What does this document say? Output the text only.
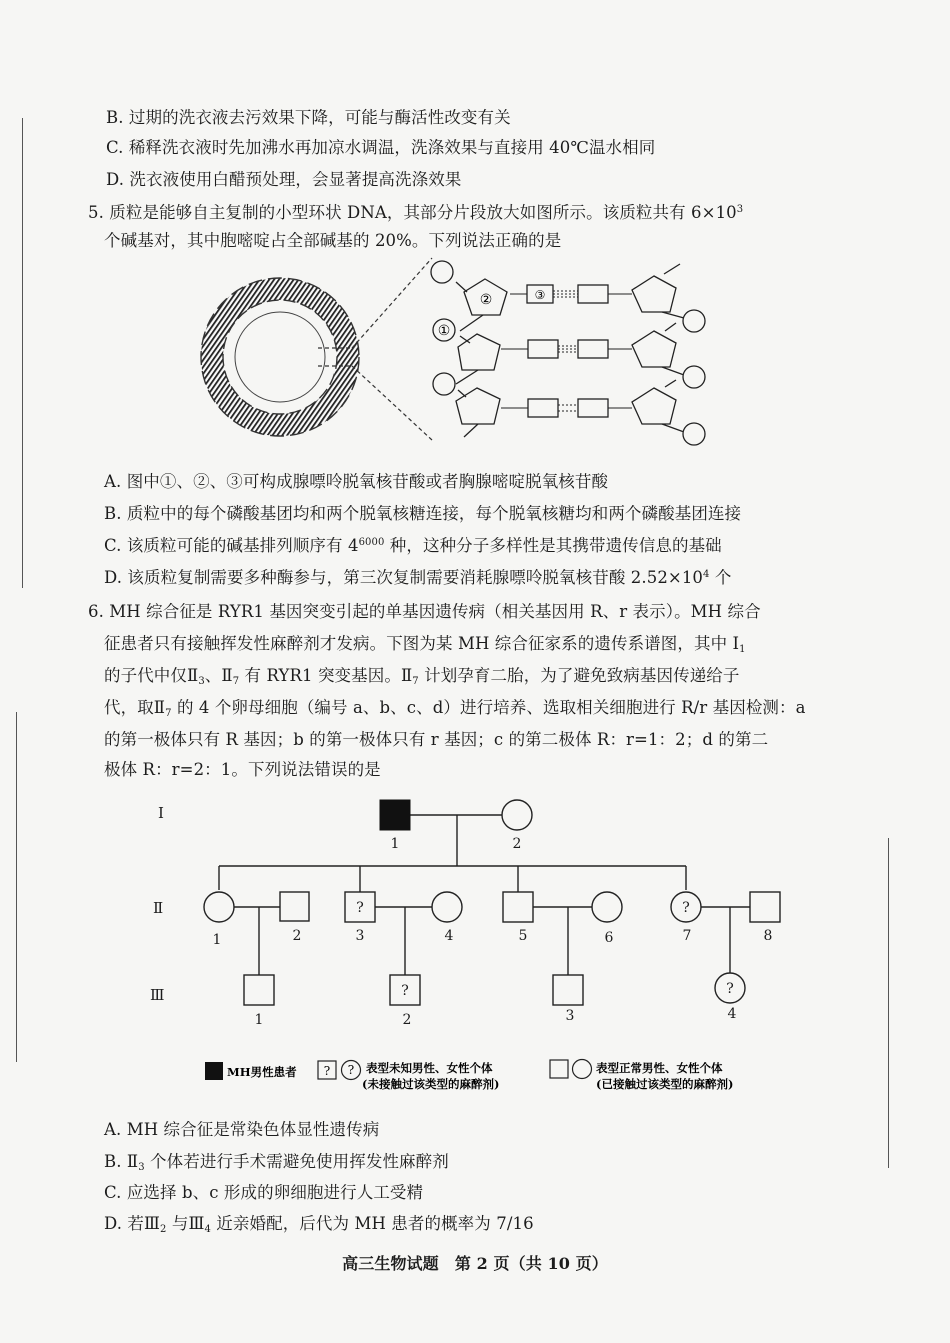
B. 过期的洗衣液去污效果下降，可能与酶活性改变有关
C. 稀释洗衣液时先加沸水再加凉水调温，洗涤效果与直接用 40℃温水相同
D. 洗衣液使用白醋预处理，会显著提高洗涤效果
5. 质粒是能够自主复制的小型环状 DNA，其部分片段放大如图所示。该质粒共有 $6\times 10^3$
个碱基对，其中胞嘧啶占全部碱基的 20%。下列说法正确的是
①
②	③
A. 图中①、②、③可构成腺嘌呤脱氧核苷酸或者胸腺嘧啶脱氧核苷酸
B. 质粒中的每个磷酸基团均和两个脱氧核糖连接，每个脱氧核糖均和两个磷酸基团连接
C. 该质粒可能的碱基排列顺序有 $4^{6000}$ 种，这种分子多样性是其携带遗传信息的基础
D. 该质粒复制需要多种酶参与，第三次复制需要消耗腺嘌呤脱氧核苷酸 $2.52\times 10^4$ 个
6. MH 综合征是 RYR1 基因突变引起的单基因遗传病（相关基因用 R、r 表示）。MH 综合
征患者只有接触挥发性麻醉剂才发病。下图为某 MH 综合征家系的遗传系谱图，其中 $I_1$
的子代中仅$Ⅱ_3$、$Ⅱ_7$ 有 RYR1 突变基因。$Ⅱ_7$ 计划孕育二胎，为了避免致病基因传递给子
代，取$Ⅱ_7$ 的 4 个卵母细胞（编号 a、b、c、d）进行培养、选取相关细胞进行 R/r 基因检测：a
的第一极体只有 R 基因；b 的第一极体只有 r 基因；c 的第二极体 R：r=1：2；d 的第二
极体 R：r=2：1。下列说法错误的是
I
Ⅱ
Ⅲ
?	?
?	?
1	2
1	2	3	4	5	6	7	8
1	2	3	4
MH男性患者 ? ? 表型未知男性、女性个体
(未接触过该类型的麻醉剂)
表型正常男性、女性个体
(已接触过该类型的麻醉剂)
A. MH 综合征是常染色体显性遗传病
B. $Ⅱ_3$ 个体若进行手术需避免使用挥发性麻醉剂
C. 应选择 b、c 形成的卵细胞进行人工受精
D. 若$Ⅲ_2$ 与$Ⅲ_4$ 近亲婚配，后代为 MH 患者的概率为 7/16
高三生物试题　第 2 页（共 10 页）
